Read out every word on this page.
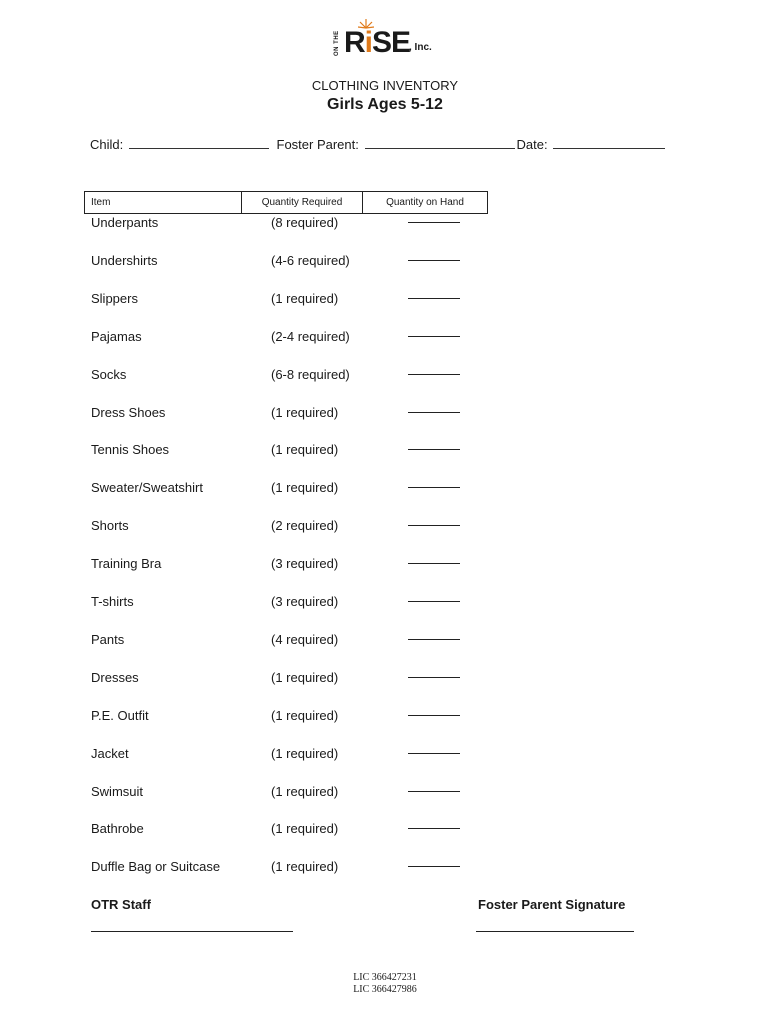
ON THE RiSE
, Inc.
CLOTHING INVENTORY
Girls Ages 5-12
Child:	Foster Parent:	Date:
Item	Quantity Required	Quantity on Hand
Underpants	(8 required)
Undershirts	(4-6 required)
Slippers	(1 required)
Pajamas	(2-4 required)
Socks	(6-8 required)
Dress Shoes	(1 required)
Tennis Shoes	(1 required)
Sweater/Sweatshirt	(1 required)
Shorts	(2 required)
Training Bra	(3 required)
T-shirts	(3 required)
Pants	(4 required)
Dresses	(1 required)
P.E. Outfit	(1 required)
Jacket	(1 required)
Swimsuit	(1 required)
Bathrobe	(1 required)
Duffle Bag or Suitcase	(1 required)
OTR Staff	Foster Parent Signature
LIC 366427231
LIC 366427986
